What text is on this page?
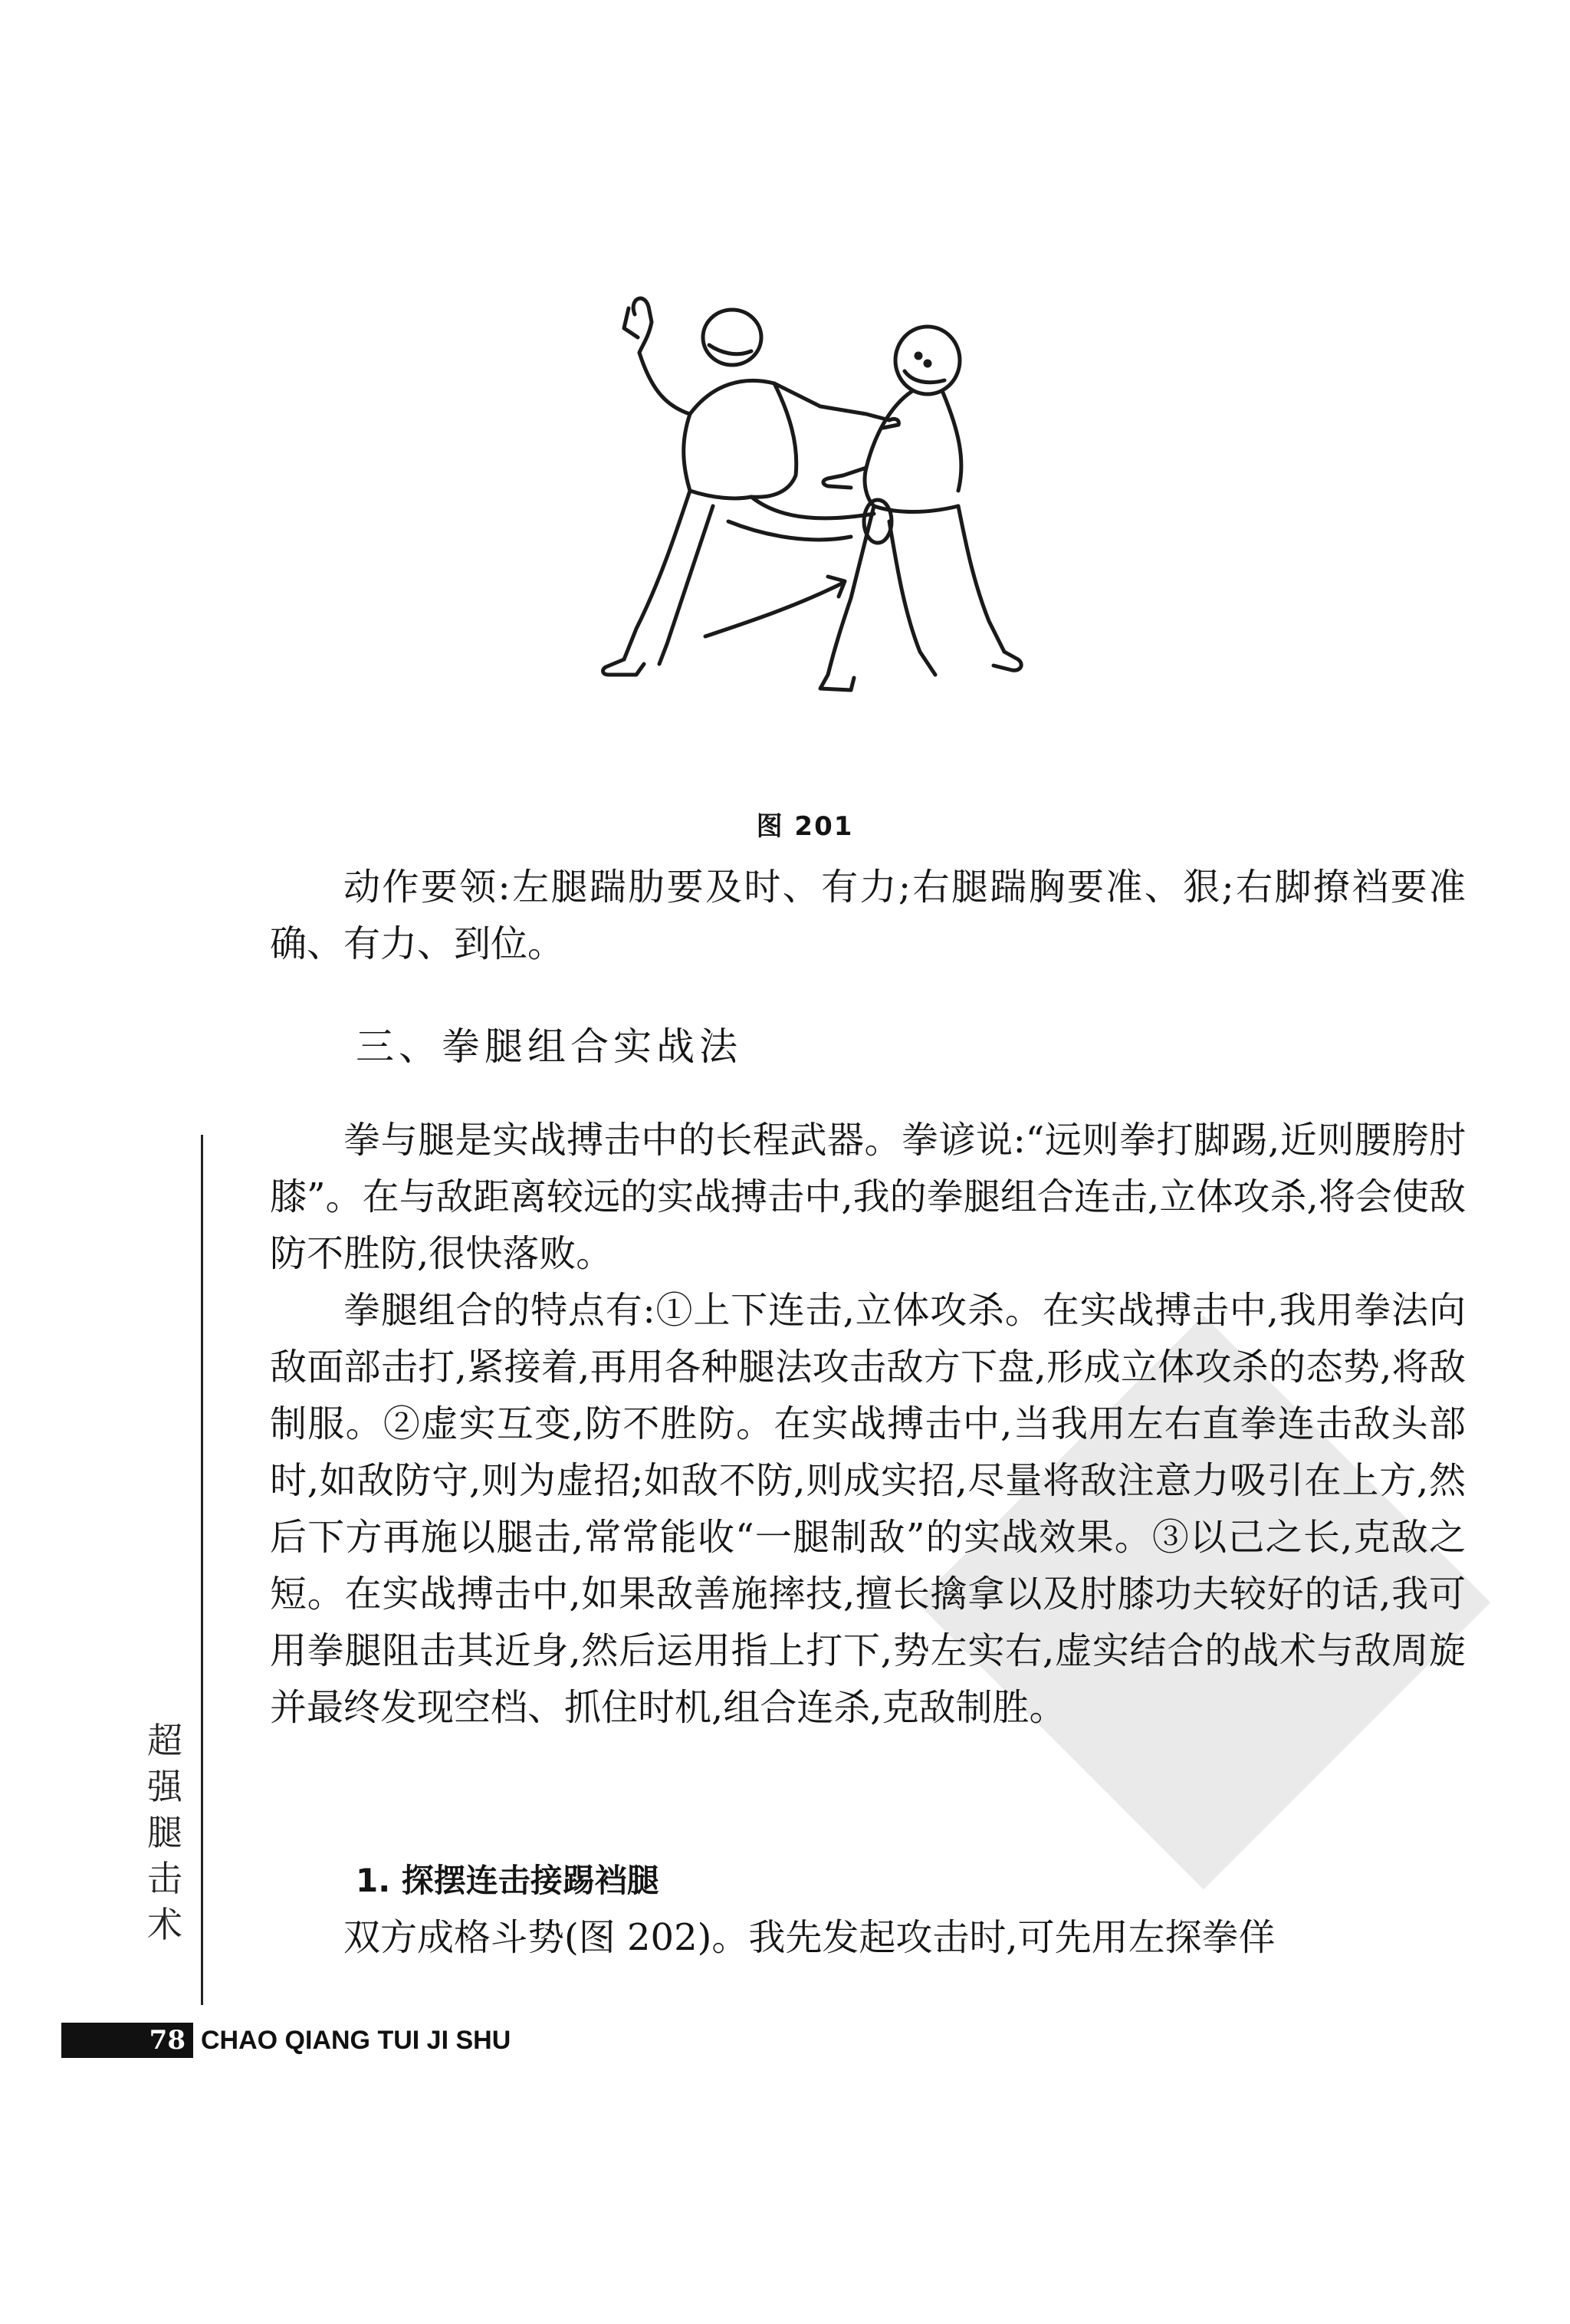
图 201

动作要领:左腿踹肋要及时、有力;右腿踹胸要准、狠;右脚撩裆要准确、有力、到位。

三、拳腿组合实战法

拳与腿是实战搏击中的长程武器。拳谚说:“远则拳打脚踢,近则腰胯肘膝”。在与敌距离较远的实战搏击中,我的拳腿组合连击,立体攻杀,将会使敌防不胜防,很快落败。

拳腿组合的特点有:①上下连击,立体攻杀。在实战搏击中,我用拳法向敌面部击打,紧接着,再用各种腿法攻击敌方下盘,形成立体攻杀的态势,将敌制服。②虚实互变,防不胜防。在实战搏击中,当我用左右直拳连击敌头部时,如敌防守,则为虚招;如敌不防,则成实招,尽量将敌注意力吸引在上方,然后下方再施以腿击,常常能收“一腿制敌”的实战效果。③以己之长,克敌之短。在实战搏击中,如果敌善施摔技,擅长擒拿以及肘膝功夫较好的话,我可用拳腿阻击其近身,然后运用指上打下,势左实右,虚实结合的战术与敌周旋并最终发现空档、抓住时机,组合连杀,克敌制胜。

1. 探摆连击接踢裆腿

双方成格斗势(图 202)。我先发起攻击时,可先用左探拳佯

超
强
腿
击
术
78 CHAO QIANG TUI JI SHU
